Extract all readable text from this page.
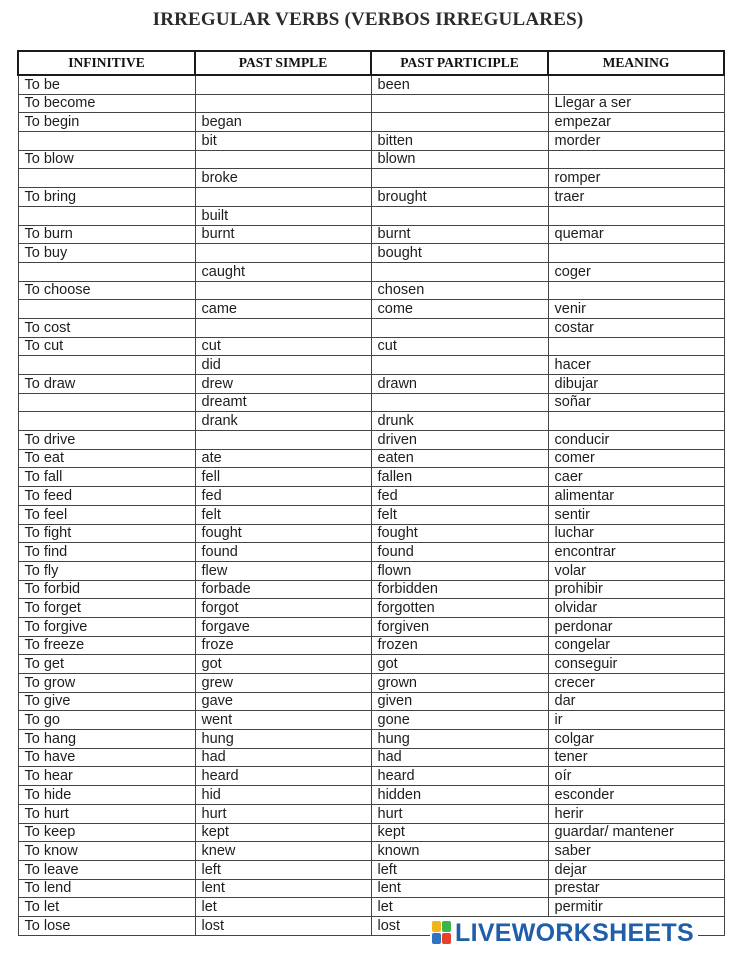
IRREGULAR VERBS (VERBOS IRREGULARES)
INFINITIVE	PAST SIMPLE	PAST PARTICIPLE	MEANING
To be		been	
To become			Llegar a ser
To begin	began		empezar
	bit	bitten	morder
To blow		blown	
	broke		romper
To bring		brought	traer
	built		
To burn	burnt	burnt	quemar
To buy		bought	
	caught		coger
To choose		chosen	
	came	come	venir
To cost			costar
To cut	cut	cut	
	did		hacer
To draw	drew	drawn	dibujar
	dreamt		soñar
	drank	drunk	
To drive		driven	conducir
To eat	ate	eaten	comer
To fall	fell	fallen	caer
To feed	fed	fed	alimentar
To feel	felt	felt	sentir
To fight	fought	fought	luchar
To find	found	found	encontrar
To fly	flew	flown	volar
To forbid	forbade	forbidden	prohibir
To forget	forgot	forgotten	olvidar
To forgive	forgave	forgiven	perdonar
To freeze	froze	frozen	congelar
To get	got	got	conseguir
To grow	grew	grown	crecer
To give	gave	given	dar
To go	went	gone	ir
To hang	hung	hung	colgar
To have	had	had	tener
To hear	heard	heard	oír
To hide	hid	hidden	esconder
To hurt	hurt	hurt	herir
To keep	kept	kept	guardar/ mantener
To know	knew	known	saber
To leave	left	left	dejar
To lend	lent	lent	prestar
To let	let	let	permitir
To lose	lost	lost	LIVEWORKSHEETS
